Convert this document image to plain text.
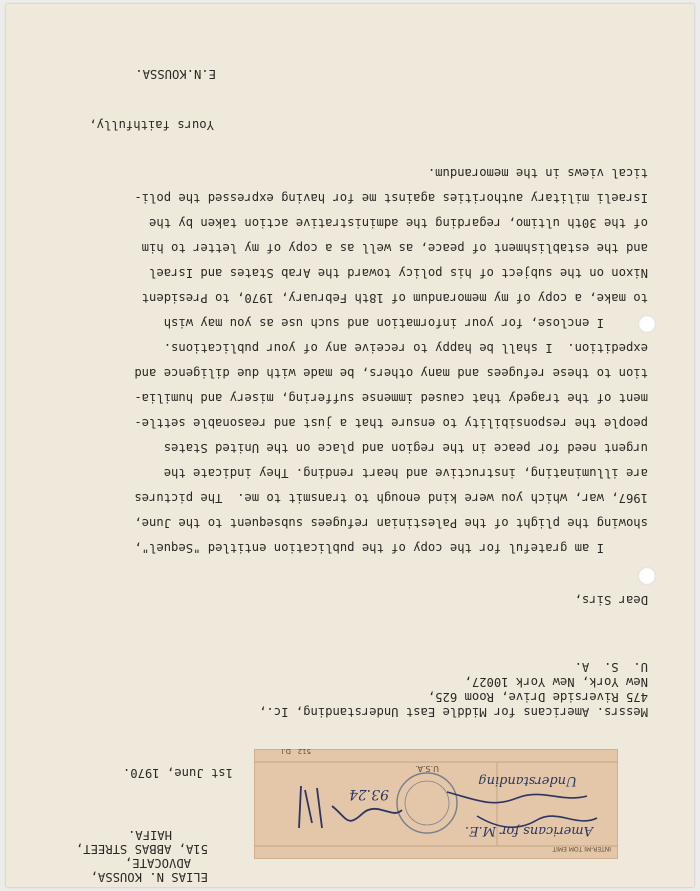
ELIAS N. KOUSSA,
ADVOCATE,
51A, ABBAS STREET,
HAIFA.
INTER-MI TOM EMIT
512
D.I
U.S.A.
Americans for M.E.
Understanding
93.24
1st June, 1970.
Messrs. Americans for Middle East Understanding, Ic.,
475 Riverside Drive, Room 625,
New York, New York 10027,
U.  S.  A.
Dear Sirs,
I am grateful for the copy of the publication entitled "Sequel",
showing the plight of the Palestinian refugees subsequent to the June,
1967, war, which you were kind enough to transmit to me.  The pictures
are illuminating, instructive and heart rending. They indicate the
urgent need for peace in the region and place on the United States
people the responsibility to ensure that a just and reasonable settle-
ment of the tragedy that caused immense suffering, misery and humilia-
tion to these refugees and many others, be made with due diligence and
expedition.  I shall be happy to receive any of your publications.
I enclose, for your information and such use as you may wish
to make, a copy of my memorandum of 18th February, 1970, to President
Nixon on the subject of his policy toward the Arab States and Israel
and the establishment of peace, as well as a copy of my letter to him
of the 30th ultimo, regarding the administrative action taken by the
Israeli military authorities against me for having expressed the poli-
tical views in the memorandum.
Yours faithfully,
E.N.KOUSSA.
